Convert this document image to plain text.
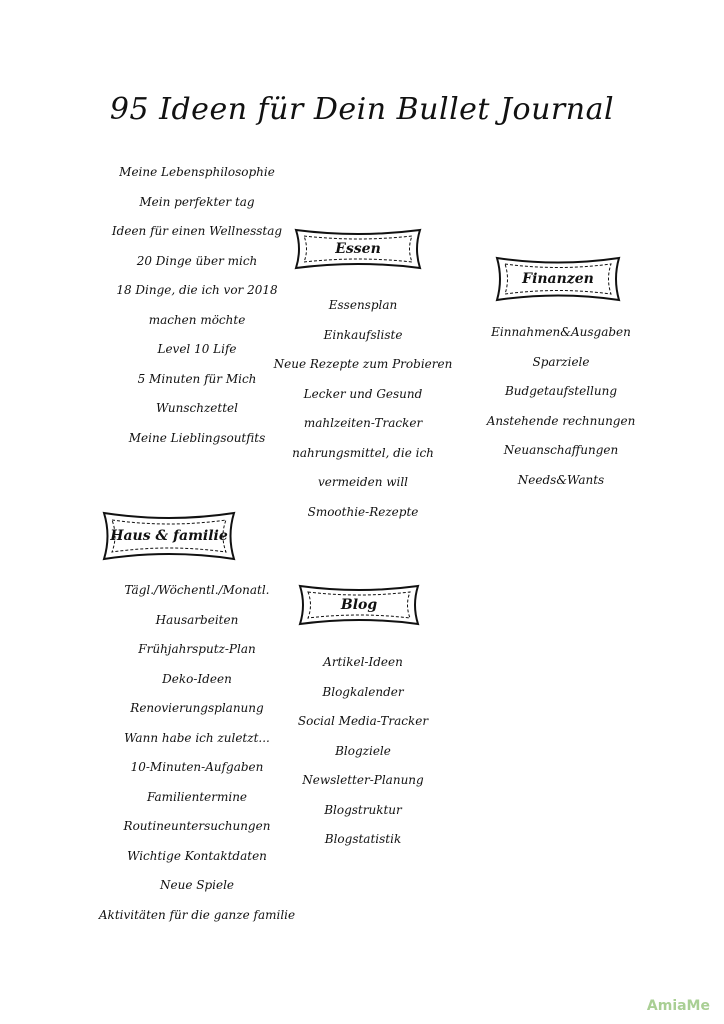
95 Ideen für Dein Bullet Journal
Meine Lebensphilosophie
Mein perfekter tag
Ideen für einen Wellnesstag
20 Dinge über mich
18 Dinge, die ich vor 2018
machen möchte
Level 10 Life
5 Minuten für Mich
Wunschzettel
Meine Lieblingsoutfits
Essen
Essensplan
Einkaufsliste
Neue Rezepte zum Probieren
Lecker und Gesund
mahlzeiten-Tracker
nahrungsmittel, die ich
vermeiden will
Smoothie-Rezepte
Finanzen
Einnahmen&Ausgaben
Sparziele
Budgetaufstellung
Anstehende rechnungen
Neuanschaffungen
Needs&Wants
Haus & familie
Tägl./Wöchentl./Monatl.
Hausarbeiten
Frühjahrsputz-Plan
Deko-Ideen
Renovierungsplanung
Wann habe ich zuletzt...
10-Minuten-Aufgaben
Familientermine
Routineuntersuchungen
Wichtige Kontaktdaten
Neue Spiele
Aktivitäten für die ganze familie
Blog
Artikel-Ideen
Blogkalender
Social Media-Tracker
Blogziele
Newsletter-Planung
Blogstruktur
Blogstatistik

AmiaMe
